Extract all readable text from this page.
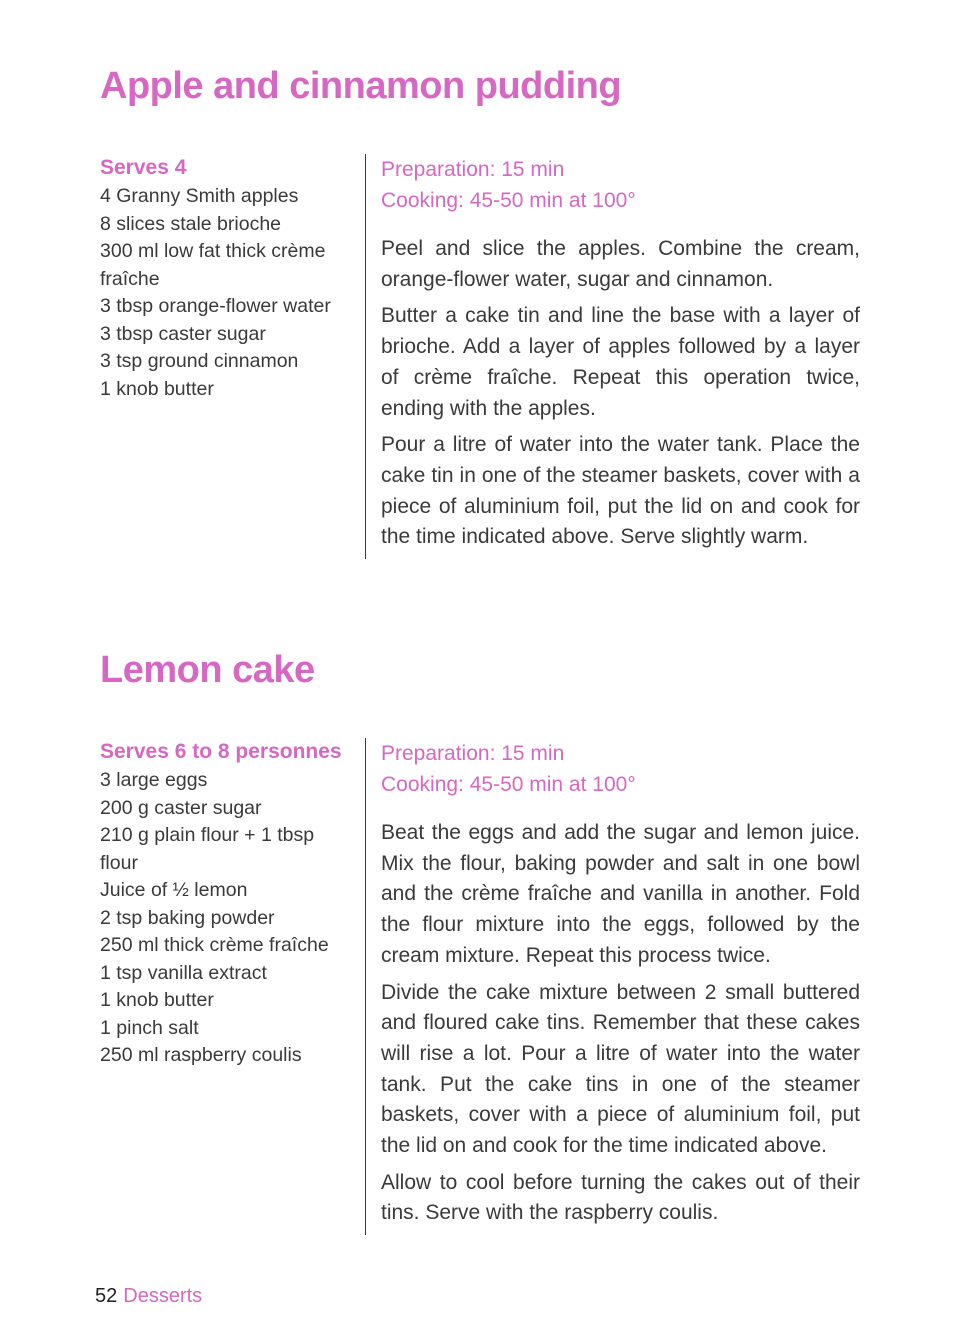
Apple and cinnamon pudding

Serves 4

4 Granny Smith apples
8 slices stale brioche
300 ml low fat thick crème
fraîche
3 tbsp orange-flower water
3 tbsp caster sugar
3 tsp ground cinnamon
1 knob butter

Preparation: 15 min

Cooking: 45-50 min at 100°

Peel and slice the apples. Combine the cream, orange-flower water, sugar and cinnamon.

Butter a cake tin and line the base with a layer of brioche. Add a layer of apples followed by a layer of crème fraîche. Repeat this operation twice, ending with the apples.

Pour a litre of water into the water tank. Place the cake tin in one of the steamer baskets, cover with a piece of aluminium foil, put the lid on and cook for the time indicated above. Serve slightly warm.

Lemon cake

Serves 6 to 8 personnes

3 large eggs
200 g caster sugar
210 g plain flour + 1 tbsp
flour
Juice of ½ lemon
2 tsp baking powder
250 ml thick crème fraîche
1 tsp vanilla extract
1 knob butter
1 pinch salt
250 ml raspberry coulis

Preparation: 15 min

Cooking: 45-50 min at 100°

Beat the eggs and add the sugar and lemon juice. Mix the flour, baking powder and salt in one bowl and the crème fraîche and vanilla in another. Fold the flour mixture into the eggs, followed by the cream mixture. Repeat this process twice.

Divide the cake mixture between 2 small buttered and floured cake tins. Remember that these cakes will rise a lot. Pour a litre of water into the water tank. Put the cake tins in one of the steamer baskets, cover with a piece of aluminium foil, put the lid on and cook for the time indicated above.

Allow to cool before turning the cakes out of their tins. Serve with the raspberry coulis.

52 Desserts
